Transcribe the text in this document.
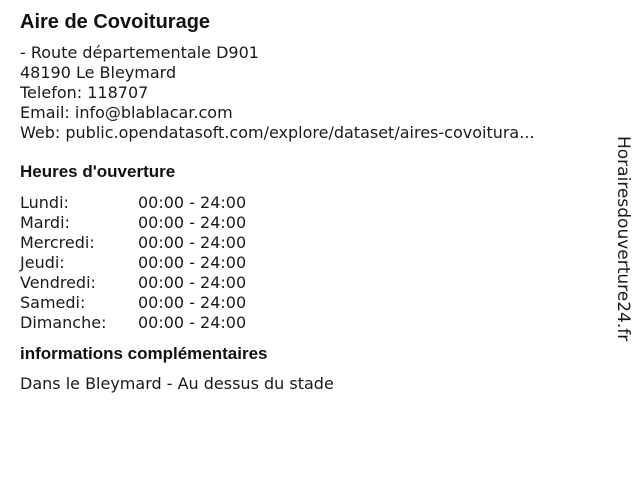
Aire de Covoiturage
- Route départementale D901
48190 Le Bleymard
Telefon: 118707
Email: info@blablacar.com
Web: public.opendatasoft.com/explore/dataset/aires-covoitura...
Heures d'ouverture
Lundi:	00:00 - 24:00
Mardi:	00:00 - 24:00
Mercredi:	00:00 - 24:00
Jeudi:	00:00 - 24:00
Vendredi:	00:00 - 24:00
Samedi:	00:00 - 24:00
Dimanche:	00:00 - 24:00
informations complémentaires
Dans le Bleymard - Au dessus du stade
Horairesdouverture24.fr
